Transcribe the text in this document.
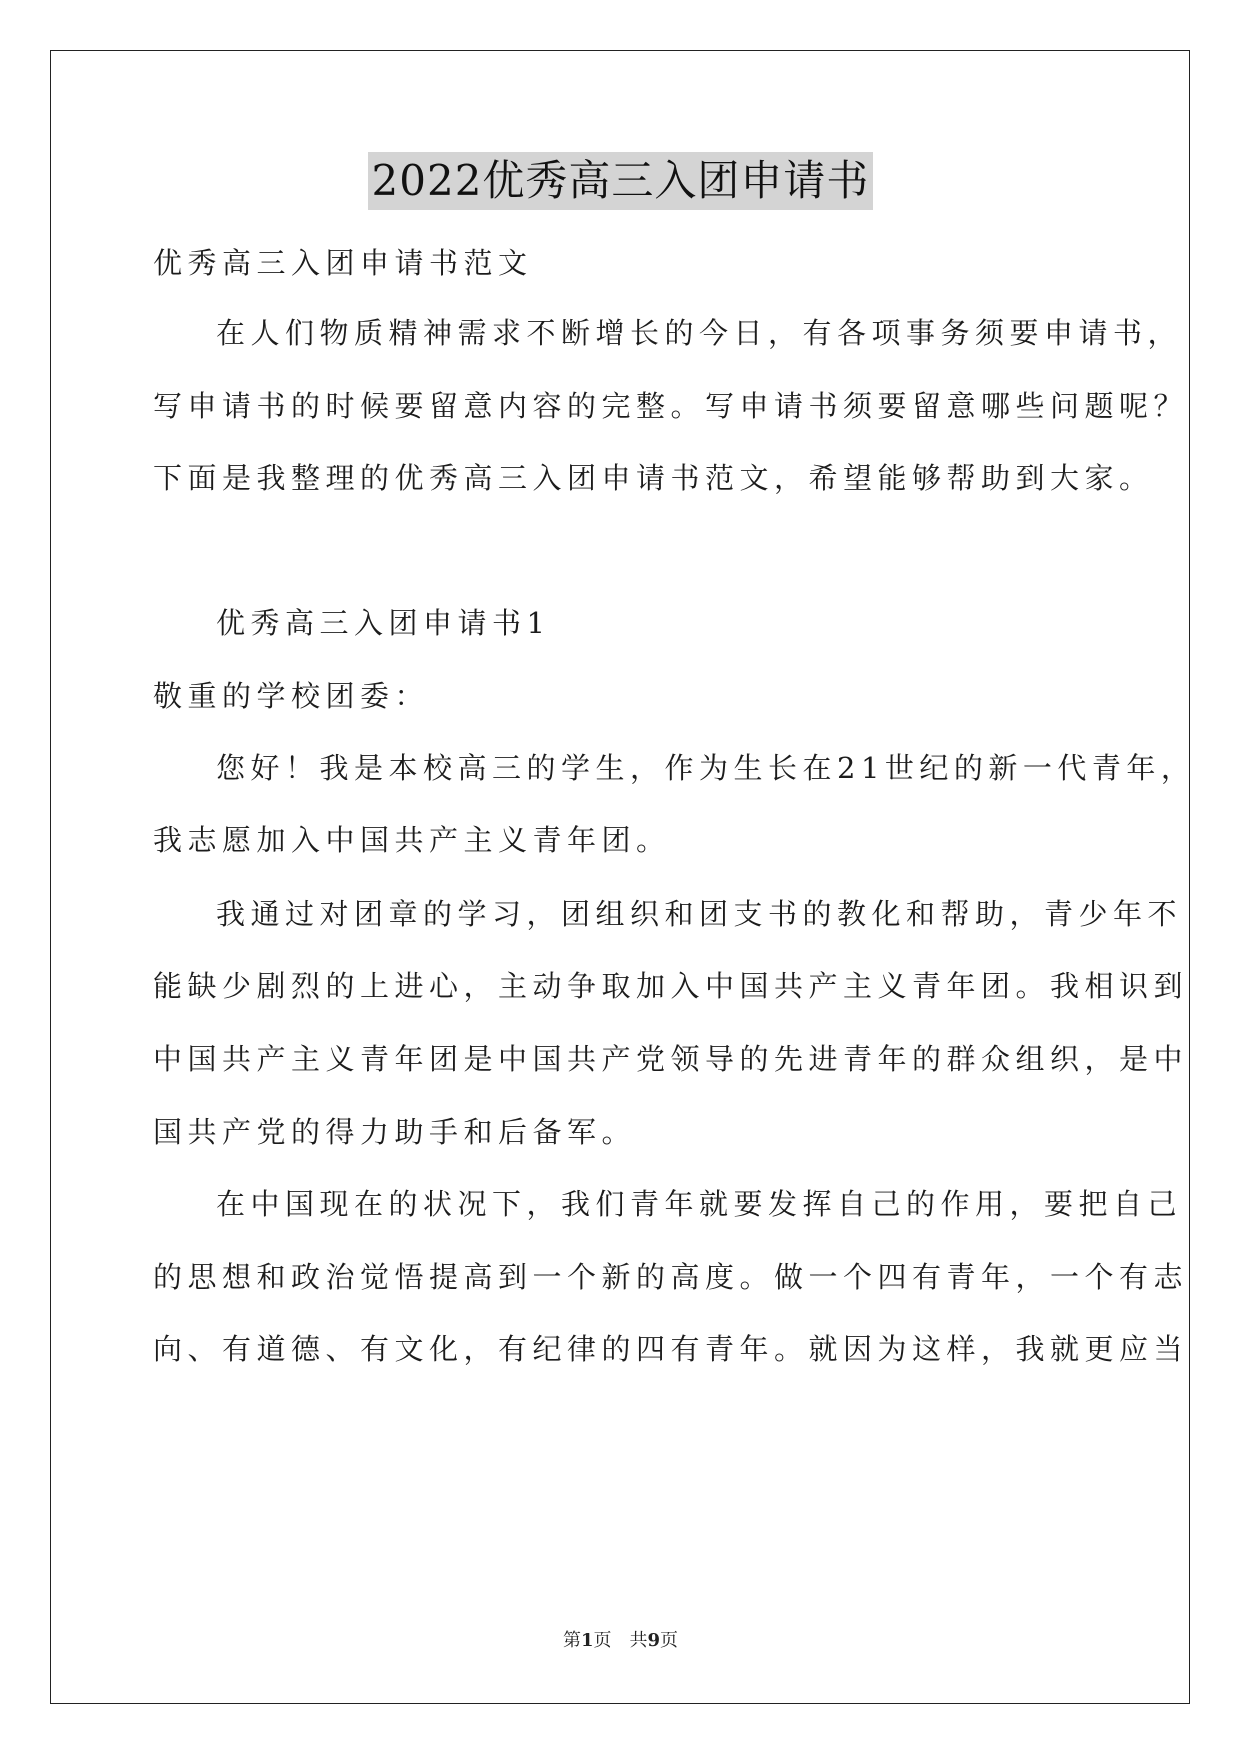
2022优秀高三入团申请书
优秀高三入团申请书范文
在人们物质精神需求不断增长的今日，有各项事务须要申请书，
写申请书的时候要留意内容的完整。写申请书须要留意哪些问题呢？
下面是我整理的优秀高三入团申请书范文，希望能够帮助到大家。
优秀高三入团申请书1
敬重的学校团委：
您好！我是本校高三的学生，作为生长在21世纪的新一代青年，
我志愿加入中国共产主义青年团。
我通过对团章的学习，团组织和团支书的教化和帮助，青少年不
能缺少剧烈的上进心，主动争取加入中国共产主义青年团。我相识到
中国共产主义青年团是中国共产党领导的先进青年的群众组织，是中
国共产党的得力助手和后备军。
在中国现在的状况下，我们青年就要发挥自己的作用，要把自己
的思想和政治觉悟提高到一个新的高度。做一个四有青年，一个有志
向、有道德、有文化，有纪律的四有青年。就因为这样，我就更应当
第1页 共9页
